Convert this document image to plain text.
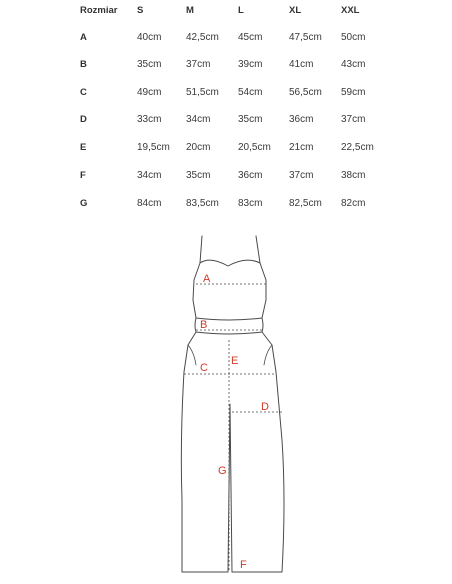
Rozmiar S	M	L	XL	XXL
A	40cm 42,5cm 45cm	47,5cm 50cm
B	35cm 37cm	39cm	41cm	43cm
C	49cm 51,5cm 54cm	56,5cm 59cm
D	33cm 34cm	35cm	36cm	37cm
E	19,5cm 20cm	20,5cm 21cm	22,5cm
F	34cm 35cm	36cm	37cm	38cm
G	84cm 83,5cm 83cm	82,5cm 82cm
A
B
C
E
D
G
F
